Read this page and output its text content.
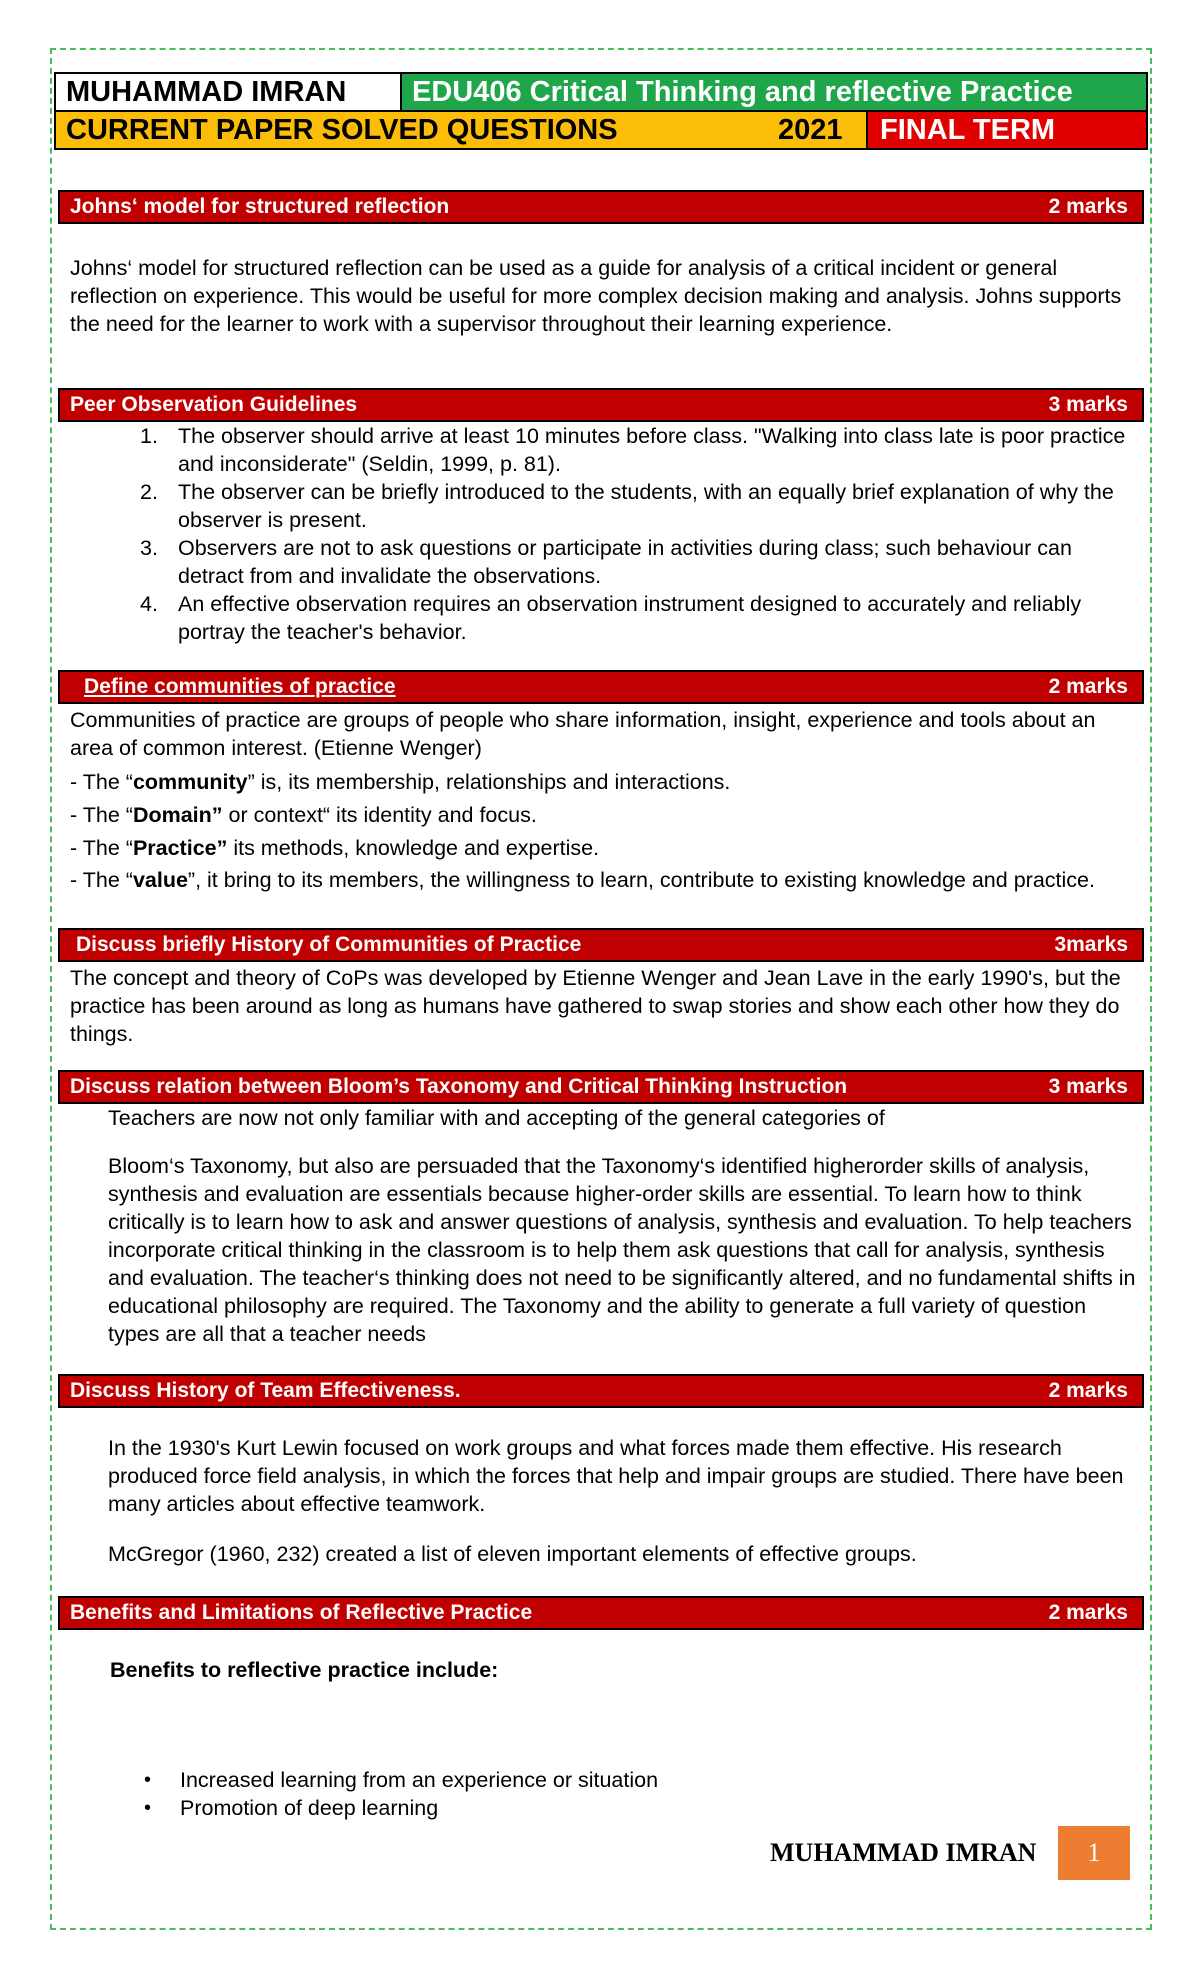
MUHAMMAD IMRAN	EDU406 Critical Thinking and reflective Practice
CURRENT PAPER SOLVED QUESTIONS	2021	FINAL TERM
Johns‘ model for structured reflection	2 marks
Johns‘ model for structured reflection can be used as a guide for analysis of a critical incident or general reflection on experience. This would be useful for more complex decision making and analysis. Johns supports the need for the learner to work with a supervisor throughout their learning experience.
Peer Observation Guidelines	3 marks
1. The observer should arrive at least 10 minutes before class. "Walking into class late is poor practice and inconsiderate" (Seldin, 1999, p. 81).
2. The observer can be briefly introduced to the students, with an equally brief explanation of why the observer is present.
3. Observers are not to ask questions or participate in activities during class; such behaviour can detract from and invalidate the observations.
4. An effective observation requires an observation instrument designed to accurately and reliably portray the teacher's behavior.
Define communities of practice	2 marks
Communities of practice are groups of people who share information, insight, experience and tools about an area of common interest. (Etienne Wenger)
- The “community” is, its membership, relationships and interactions.
- The “Domain” or context“ its identity and focus.
- The “Practice” its methods, knowledge and expertise.
- The “value”, it bring to its members, the willingness to learn, contribute to existing knowledge and practice.
Discuss briefly History of Communities of Practice	3marks
The concept and theory of CoPs was developed by Etienne Wenger and Jean Lave in the early 1990's, but the practice has been around as long as humans have gathered to swap stories and show each other how they do things.
Discuss relation between Bloom’s Taxonomy and Critical Thinking Instruction	3 marks
Teachers are now not only familiar with and accepting of the general categories of
Bloom‘s Taxonomy, but also are persuaded that the Taxonomy‘s identified higherorder skills of analysis, synthesis and evaluation are essentials because higher-order skills are essential. To learn how to think critically is to learn how to ask and answer questions of analysis, synthesis and evaluation. To help teachers incorporate critical thinking in the classroom is to help them ask questions that call for analysis, synthesis and evaluation. The teacher‘s thinking does not need to be significantly altered, and no fundamental shifts in educational philosophy are required. The Taxonomy and the ability to generate a full variety of question types are all that a teacher needs
Discuss History of Team Effectiveness.	2 marks
In the 1930's Kurt Lewin focused on work groups and what forces made them effective. His research produced force field analysis, in which the forces that help and impair groups are studied. There have been many articles about effective teamwork.
McGregor (1960, 232) created a list of eleven important elements of effective groups.
Benefits and Limitations of Reflective Practice	2 marks
Benefits to reflective practice include:
• Increased learning from an experience or situation
• Promotion of deep learning
MUHAMMAD IMRAN	1
